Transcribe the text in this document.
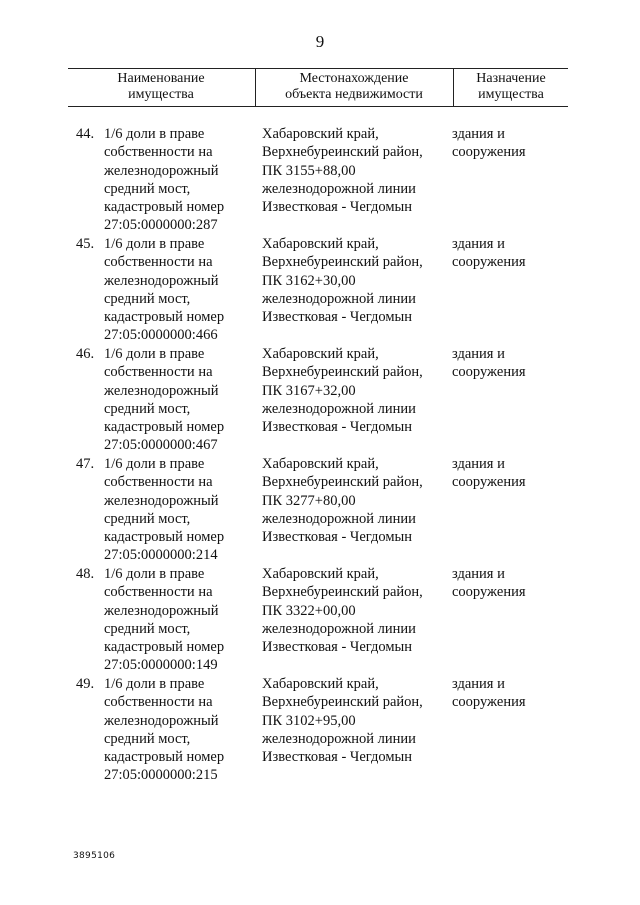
9
Наименование
имущества
Местонахождение
объекта недвижимости
Назначение
имущества
44. 1/6 доли в праве
собственности на
железнодорожный
средний мост,
кадастровый номер
27:05:0000000:287
Хабаровский край,
Верхнебуреинский район,
ПК 3155+88,00
железнодорожной линии
Известковая - Чегдомын
здания и
сооружения
45. 1/6 доли в праве
собственности на
железнодорожный
средний мост,
кадастровый номер
27:05:0000000:466
Хабаровский край,
Верхнебуреинский район,
ПК 3162+30,00
железнодорожной линии
Известковая - Чегдомын
здания и
сооружения
46. 1/6 доли в праве
собственности на
железнодорожный
средний мост,
кадастровый номер
27:05:0000000:467
Хабаровский край,
Верхнебуреинский район,
ПК 3167+32,00
железнодорожной линии
Известковая - Чегдомын
здания и
сооружения
47. 1/6 доли в праве
собственности на
железнодорожный
средний мост,
кадастровый номер
27:05:0000000:214
Хабаровский край,
Верхнебуреинский район,
ПК 3277+80,00
железнодорожной линии
Известковая - Чегдомын
здания и
сооружения
48. 1/6 доли в праве
собственности на
железнодорожный
средний мост,
кадастровый номер
27:05:0000000:149
Хабаровский край,
Верхнебуреинский район,
ПК 3322+00,00
железнодорожной линии
Известковая - Чегдомын
здания и
сооружения
49. 1/6 доли в праве
собственности на
железнодорожный
средний мост,
кадастровый номер
27:05:0000000:215
Хабаровский край,
Верхнебуреинский район,
ПК 3102+95,00
железнодорожной линии
Известковая - Чегдомын
здания и
сооружения
3895106
